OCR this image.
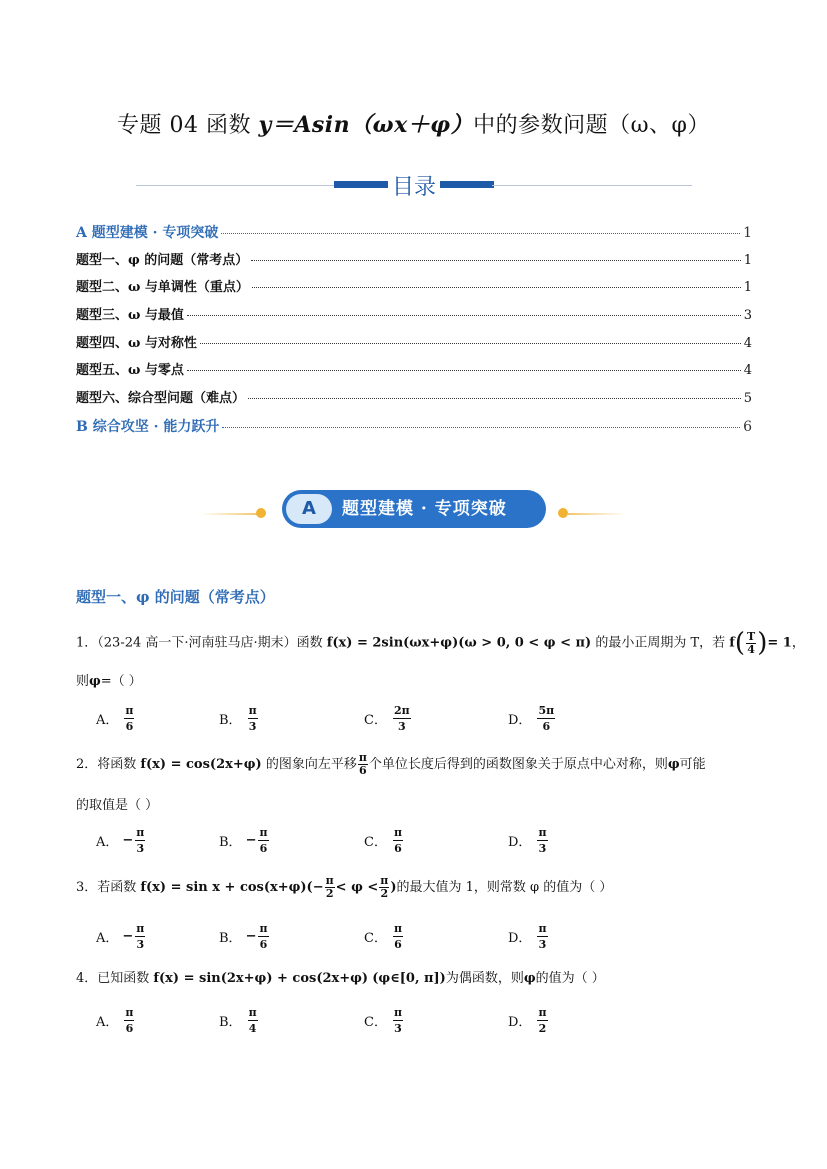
专题 04 函数 y＝Asin（ωx＋φ）中的参数问题（ω、φ）
目录
A 题型建模 · 专项突破	1
题型一、φ 的问题（常考点）	1
题型二、ω 与单调性（重点）	1
题型三、ω 与最值	3
题型四、ω 与对称性	4
题型五、ω 与零点	4
题型六、综合型问题（难点）	5
B 综合攻坚 · 能力跃升	6
A	题型建模 · 专项突破
题型一、φ 的问题（常考点）
1．（23-24 高一下·河南驻马店·期末）函数 f(x) = 2sin(ωx+φ)(ω > 0, 0 < φ < π) 的最小正周期为 T，若 $f( \frac{T}{4}$ )= 1，
则φ=（ ）
A． $\frac{\pi}{6}$	B． $\frac{\pi}{3}$	C． $\frac{2\pi}{3}$	D． $\frac{5\pi}{6}$
2．将函数 f(x) = cos(2x+φ) 的图象向左平移 $\frac{\pi}{6}$ 个单位长度后得到的函数图象关于原点中心对称，则φ可能
的取值是（ ）
A． − $\frac{\pi}{3}$	B． − $\frac{\pi}{6}$	C． $\frac{\pi}{6}$	D． $\frac{\pi}{3}$
3．若函数 $f(x) = \sin x + \cos(x+\varphi)(- \frac{\pi}{2} < \varphi < \frac{\pi}{2}$ )的最大值为 1，则常数 φ 的值为（ ）
A． − $\frac{\pi}{3}$	B． − $\frac{\pi}{6}$	C． $\frac{\pi}{6}$	D． $\frac{\pi}{3}$
4．已知函数 f(x) = sin(2x+φ) + cos(2x+φ) (φ∈[0, π])为偶函数，则φ的值为（ ）
A． $\frac{\pi}{6}$	B． $\frac{\pi}{4}$	C． $\frac{\pi}{3}$	D． $\frac{\pi}{2}$
